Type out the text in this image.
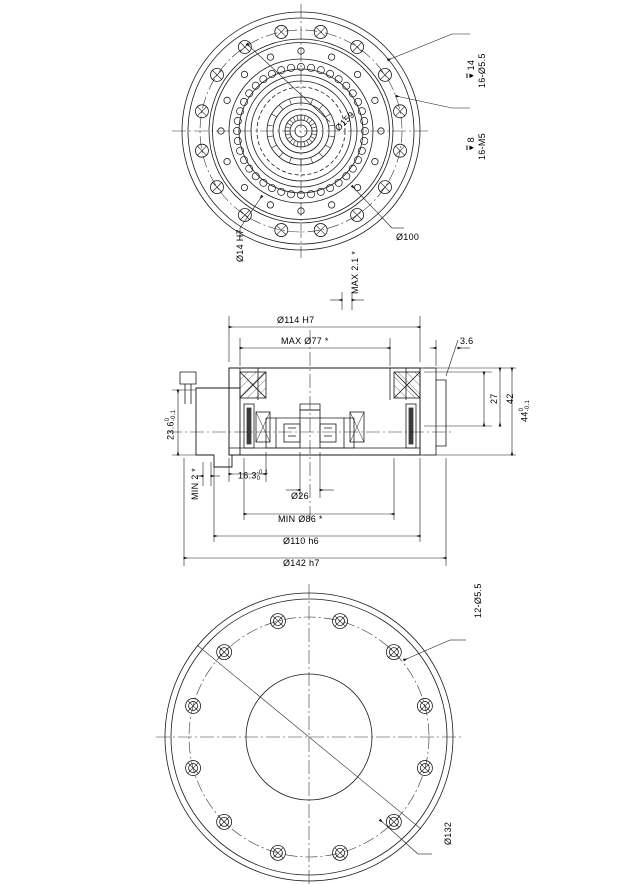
16-Ø5.5
▾̅ 14
16-M5
▾̅ 8
Ø159
Ø14 H7	Ø100
MAX 2.1 *
Ø114 H7
MAX Ø77 *	3.6
27 42
44
0 -0.1
23.6
0 -0.1
MIN 2 *	16.3 -0.1
0
Ø26
MIN Ø86 *
Ø110 h6
Ø142 h7
12-Ø5.5
Ø132
